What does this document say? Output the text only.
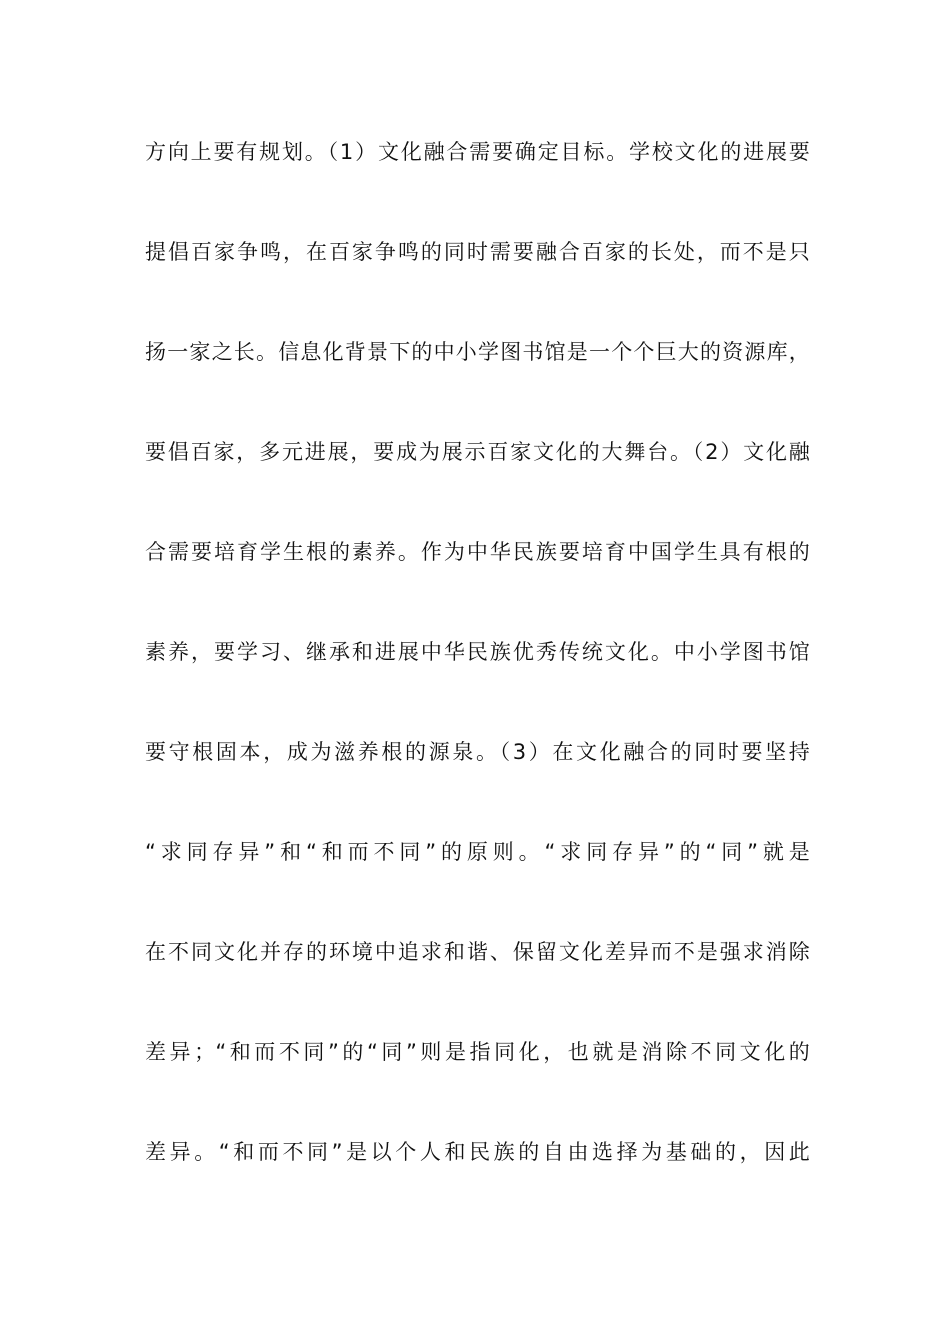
方向上要有规划。（1）文化融合需要确定目标。学校文化的进展要
提倡百家争鸣，在百家争鸣的同时需要融合百家的长处，而不是只
扬一家之长。信息化背景下的中小学图书馆是一个个巨大的资源库，
要倡百家，多元进展，要成为展示百家文化的大舞台。（2）文化融
合需要培育学生根的素养。作为中华民族要培育中国学生具有根的
素养，要学习、继承和进展中华民族优秀传统文化。中小学图书馆
要守根固本，成为滋养根的源泉。（3）在文化融合的同时要坚持
“求同存异”和“和而不同”的原则。“求同存异”的“同”就是
在不同文化并存的环境中追求和谐、保留文化差异而不是强求消除
差异；“和而不同”的“同”则是指同化，也就是消除不同文化的
差异。“和而不同”是以个人和民族的自由选择为基础的，因此
